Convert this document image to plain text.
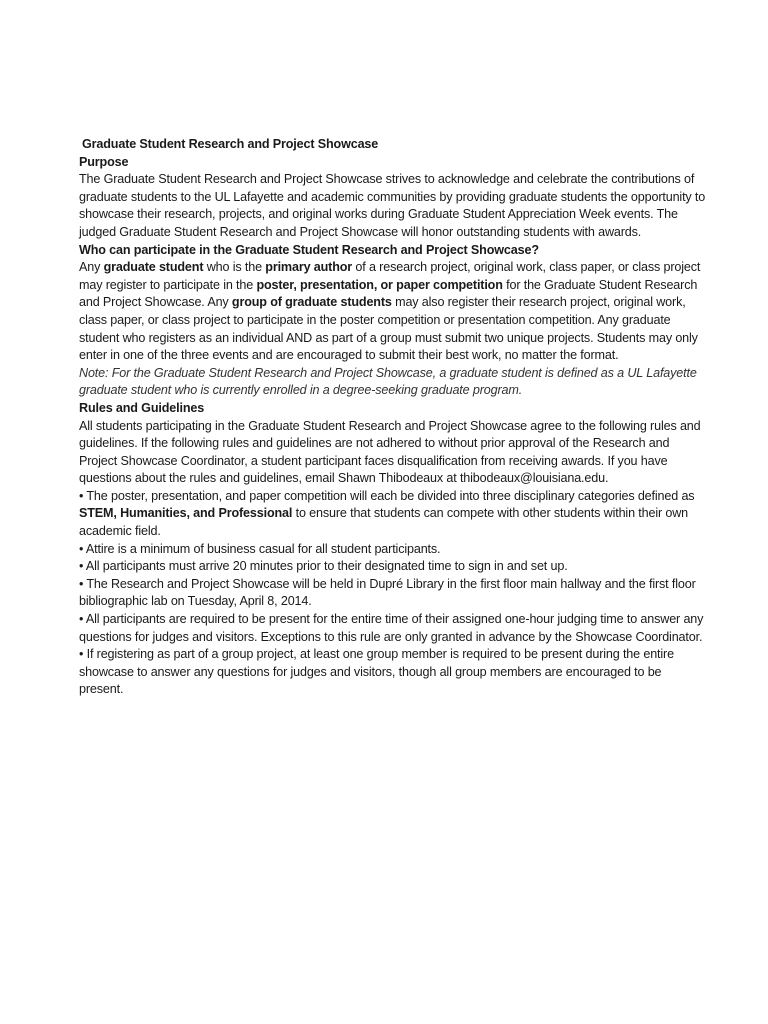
Graduate Student Research and Project Showcase

Purpose

The Graduate Student Research and Project Showcase strives to acknowledge and celebrate the contributions of graduate students to the UL Lafayette and academic communities by providing graduate students the opportunity to showcase their research, projects, and original works during Graduate Student Appreciation Week events. The judged Graduate Student Research and Project Showcase will honor outstanding students with awards.

Who can participate in the Graduate Student Research and Project Showcase?

Any graduate student who is the primary author of a research project, original work, class paper, or class project may register to participate in the poster, presentation, or paper competition for the Graduate Student Research and Project Showcase. Any group of graduate students may also register their research project, original work, class paper, or class project to participate in the poster competition or presentation competition. Any graduate student who registers as an individual AND as part of a group must submit two unique projects. Students may only enter in one of the three events and are encouraged to submit their best work, no matter the format.

Note: For the Graduate Student Research and Project Showcase, a graduate student is defined as a UL Lafayette graduate student who is currently enrolled in a degree-seeking graduate program.

Rules and Guidelines

All students participating in the Graduate Student Research and Project Showcase agree to the following rules and guidelines. If the following rules and guidelines are not adhered to without prior approval of the Research and Project Showcase Coordinator, a student participant faces disqualification from receiving awards. If you have questions about the rules and guidelines, email Shawn Thibodeaux at thibodeaux@louisiana.edu.

• The poster, presentation, and paper competition will each be divided into three disciplinary categories defined as STEM, Humanities, and Professional to ensure that students can compete with other students within their own academic field.

• Attire is a minimum of business casual for all student participants.

• All participants must arrive 20 minutes prior to their designated time to sign in and set up.

• The Research and Project Showcase will be held in Dupré Library in the first floor main hallway and the first floor bibliographic lab on Tuesday, April 8, 2014.

• All participants are required to be present for the entire time of their assigned one-hour judging time to answer any questions for judges and visitors. Exceptions to this rule are only granted in advance by the Showcase Coordinator.

• If registering as part of a group project, at least one group member is required to be present during the entire showcase to answer any questions for judges and visitors, though all group members are encouraged to be present.
